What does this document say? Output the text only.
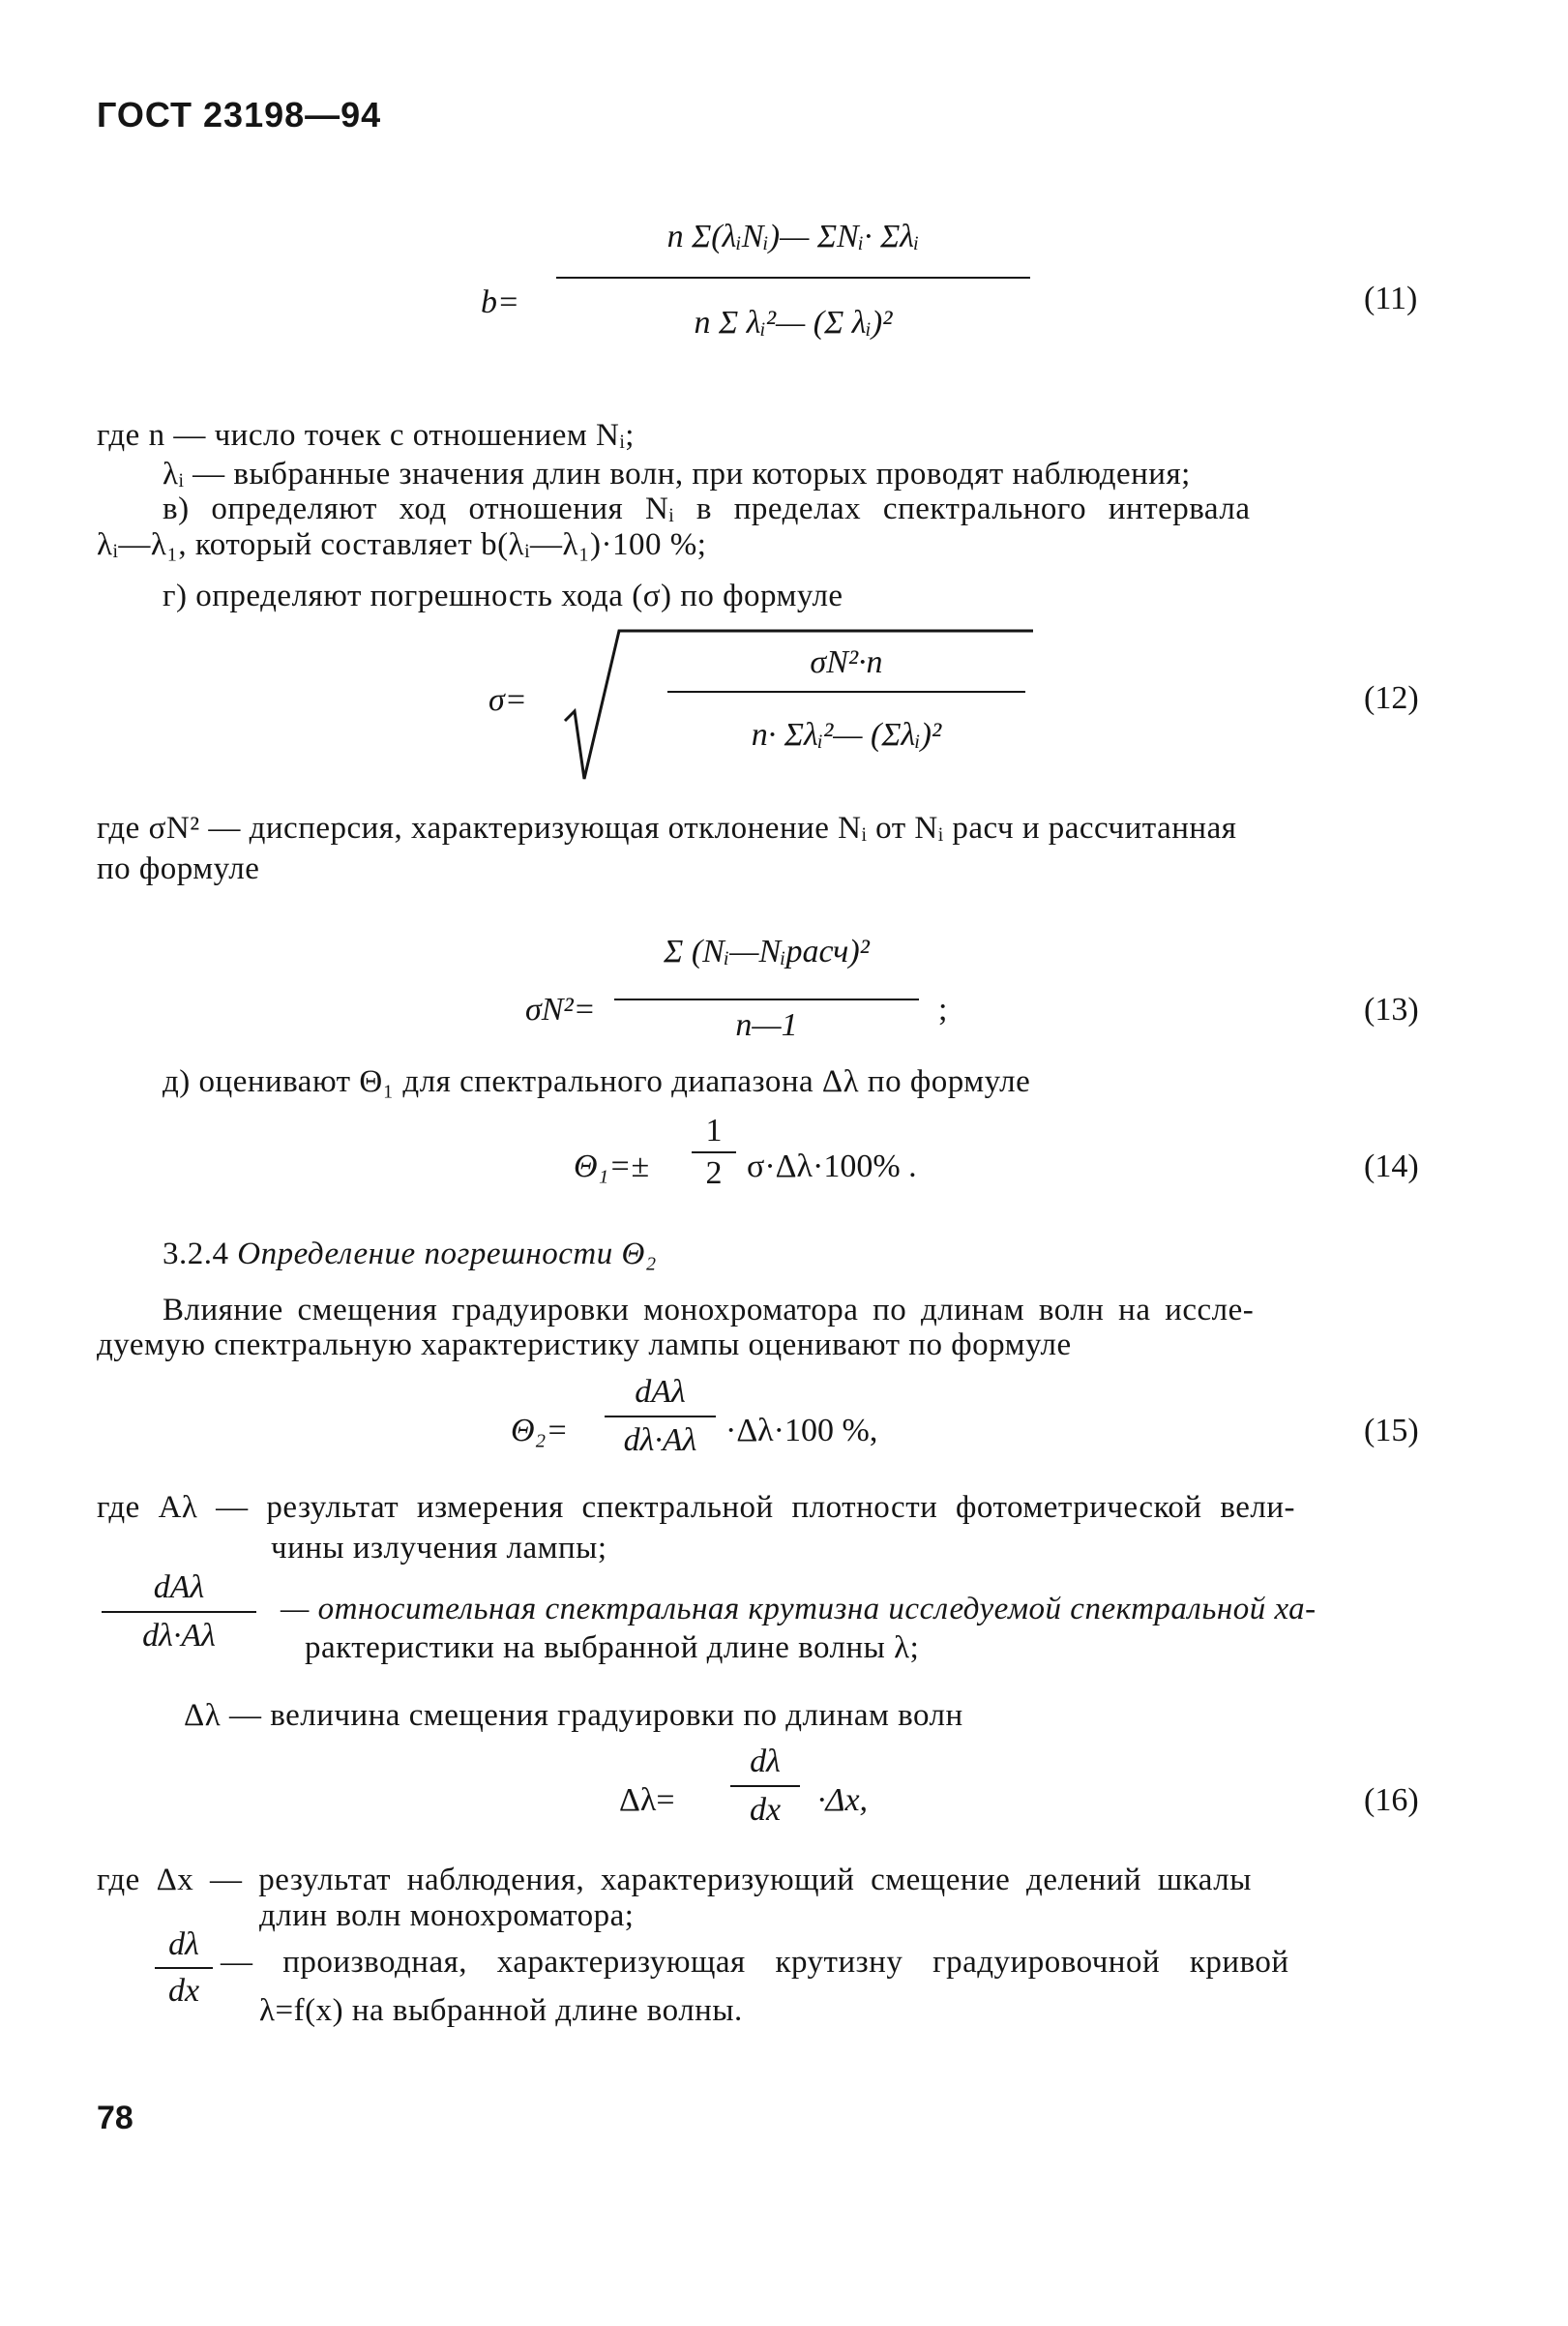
ГОСТ 23198—94
b=
n Σ(λᵢNᵢ)— ΣNᵢ· Σλᵢ
n Σ λᵢ²— (Σ λᵢ)²
(11)
где n — число точек с отношением Nᵢ;
λᵢ — выбранные значения длин волн, при которых проводят наблюдения;
в) определяют ход отношения Nᵢ в пределах спектрального интервала
λᵢ—λ₁, который составляет b(λᵢ—λ₁)·100 %;
г) определяют погрешность хода (σ) по формуле
σ=
σN²·n
n· Σλᵢ²— (Σλᵢ)²
(12)
где σN² — дисперсия, характеризующая отклонение Nᵢ от Nᵢ расч и рассчитанная
по формуле
σN²=
Σ (Nᵢ—Nᵢрасч)²
n—1	;	(13)
д) оценивают Θ₁ для спектрального диапазона Δλ по формуле
Θ₁=±
1
2 σ·Δλ·100% .	(14)
3.2.4 Определение погрешности Θ₂
Влияние смещения градуировки монохроматора по длинам волн на иссле-
дуемую спектральную характеристику лампы оценивают по формуле
Θ₂=
dAλ
dλ·Aλ ·Δλ·100 %,	(15)
где Aλ — результат измерения спектральной плотности фотометрической вели-
чины излучения лампы;
dAλ
dλ·Aλ
— относительная спектральная крутизна исследуемой спектральной ха-
рактеристики на выбранной длине волны λ;
Δλ — величина смещения градуировки по длинам волн
Δλ=
dλ
dx ·Δx,	(16)
где Δx — результат наблюдения, характеризующий смещение делений шкалы
длин волн монохроматора;
dλ
dx
— производная, характеризующая крутизну градуировочной кривой
λ=f(x) на выбранной длине волны.
78
